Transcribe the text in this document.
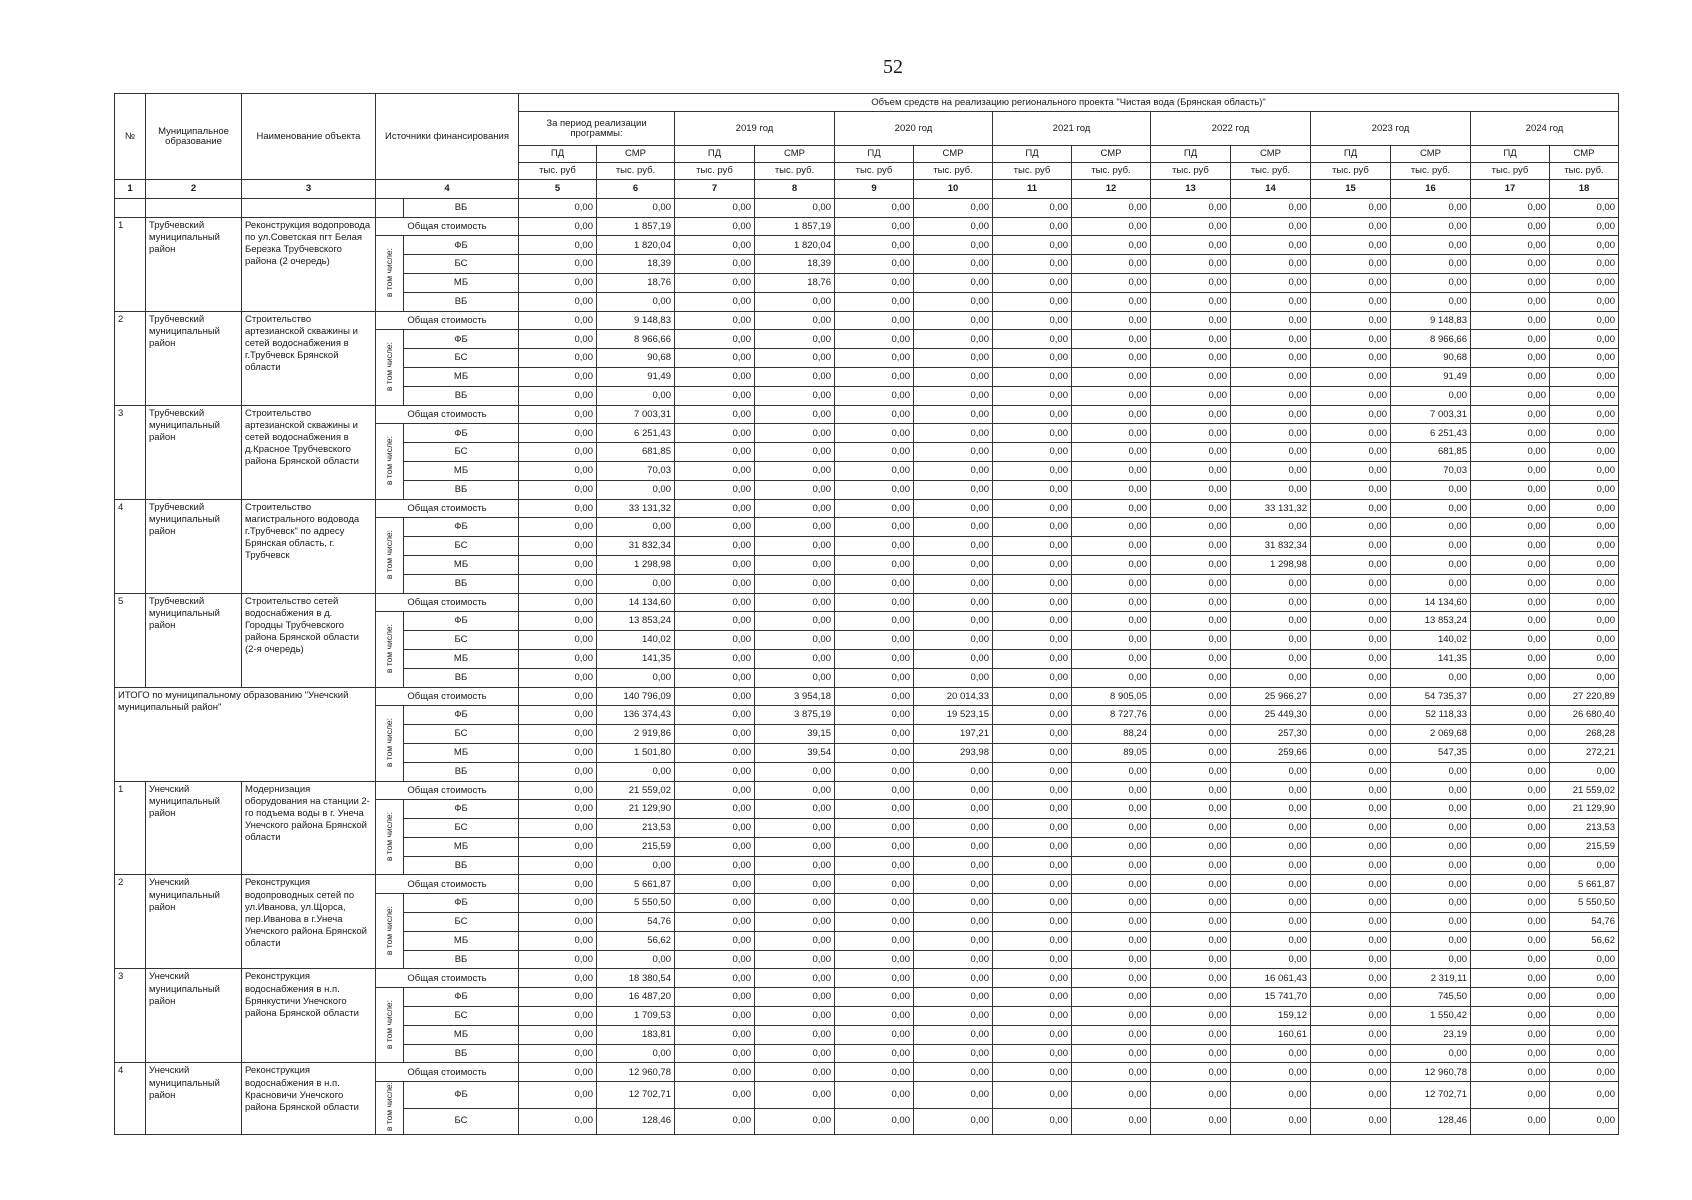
52
№	Муниципальное образование	Наименование объекта	Источники финансирования		Объем средств на реализацию регионального проекта "Чистая вода (Брянская область)"													
					За период реализации программы:		2019 год		2020 год		2021 год		2022 год		2023 год		2024 год	
					ПД	СМР	ПД	СМР	ПД	СМР	ПД	СМР	ПД	СМР	ПД	СМР	ПД	СМР
					тыс. руб	тыс. руб.	тыс. руб	тыс. руб.	тыс. руб	тыс. руб.	тыс. руб	тыс. руб.	тыс. руб	тыс. руб.	тыс. руб	тыс. руб.	тыс. руб	тыс. руб.
1	2	3	4		5	6	7	8	9	10	11	12	13	14	15	16	17	18
				ВБ	0,00	0,00	0,00	0,00	0,00	0,00	0,00	0,00	0,00	0,00	0,00	0,00	0,00	0,00
1	Трубчевский муниципальный район	Реконструкция водопровода по ул.Советская пгт Белая Березка Трубчевского района (2 очередь)	Общая стоимость		0,00	1 857,19	0,00	1 857,19	0,00	0,00	0,00	0,00	0,00	0,00	0,00	0,00	0,00	0,00
			в том числе:	ФБ	0,00	1 820,04	0,00	1 820,04	0,00	0,00	0,00	0,00	0,00	0,00	0,00	0,00	0,00	0,00
				БС	0,00	18,39	0,00	18,39	0,00	0,00	0,00	0,00	0,00	0,00	0,00	0,00	0,00	0,00
				МБ	0,00	18,76	0,00	18,76	0,00	0,00	0,00	0,00	0,00	0,00	0,00	0,00	0,00	0,00
				ВБ	0,00	0,00	0,00	0,00	0,00	0,00	0,00	0,00	0,00	0,00	0,00	0,00	0,00	0,00
2	Трубчевский муниципальный район	Строительство артезианской скважины и сетей водоснабжения в г.Трубчевск Брянской области	Общая стоимость		0,00	9 148,83	0,00	0,00	0,00	0,00	0,00	0,00	0,00	0,00	0,00	9 148,83	0,00	0,00
			в том числе:	ФБ	0,00	8 966,66	0,00	0,00	0,00	0,00	0,00	0,00	0,00	0,00	0,00	8 966,66	0,00	0,00
				БС	0,00	90,68	0,00	0,00	0,00	0,00	0,00	0,00	0,00	0,00	0,00	90,68	0,00	0,00
				МБ	0,00	91,49	0,00	0,00	0,00	0,00	0,00	0,00	0,00	0,00	0,00	91,49	0,00	0,00
				ВБ	0,00	0,00	0,00	0,00	0,00	0,00	0,00	0,00	0,00	0,00	0,00	0,00	0,00	0,00
3	Трубчевский муниципальный район	Строительство артезианской скважины и сетей водоснабжения в д.Красное Трубчевского района Брянской области	Общая стоимость		0,00	7 003,31	0,00	0,00	0,00	0,00	0,00	0,00	0,00	0,00	0,00	7 003,31	0,00	0,00
			в том числе:	ФБ	0,00	6 251,43	0,00	0,00	0,00	0,00	0,00	0,00	0,00	0,00	0,00	6 251,43	0,00	0,00
				БС	0,00	681,85	0,00	0,00	0,00	0,00	0,00	0,00	0,00	0,00	0,00	681,85	0,00	0,00
				МБ	0,00	70,03	0,00	0,00	0,00	0,00	0,00	0,00	0,00	0,00	0,00	70,03	0,00	0,00
				ВБ	0,00	0,00	0,00	0,00	0,00	0,00	0,00	0,00	0,00	0,00	0,00	0,00	0,00	0,00
4	Трубчевский муниципальный район	Строительство магистрального водовода г.Трубчевск" по адресу Брянская область, г. Трубчевск	Общая стоимость		0,00	33 131,32	0,00	0,00	0,00	0,00	0,00	0,00	0,00	33 131,32	0,00	0,00	0,00	0,00
			в том числе:	ФБ	0,00	0,00	0,00	0,00	0,00	0,00	0,00	0,00	0,00	0,00	0,00	0,00	0,00	0,00
				БС	0,00	31 832,34	0,00	0,00	0,00	0,00	0,00	0,00	0,00	31 832,34	0,00	0,00	0,00	0,00
				МБ	0,00	1 298,98	0,00	0,00	0,00	0,00	0,00	0,00	0,00	1 298,98	0,00	0,00	0,00	0,00
				ВБ	0,00	0,00	0,00	0,00	0,00	0,00	0,00	0,00	0,00	0,00	0,00	0,00	0,00	0,00
5	Трубчевский муниципальный район	Строительство сетей водоснабжения в д. Городцы Трубчевского района Брянской области (2-я очередь)	Общая стоимость		0,00	14 134,60	0,00	0,00	0,00	0,00	0,00	0,00	0,00	0,00	0,00	14 134,60	0,00	0,00
			в том числе:	ФБ	0,00	13 853,24	0,00	0,00	0,00	0,00	0,00	0,00	0,00	0,00	0,00	13 853,24	0,00	0,00
				БС	0,00	140,02	0,00	0,00	0,00	0,00	0,00	0,00	0,00	0,00	0,00	140,02	0,00	0,00
				МБ	0,00	141,35	0,00	0,00	0,00	0,00	0,00	0,00	0,00	0,00	0,00	141,35	0,00	0,00
				ВБ	0,00	0,00	0,00	0,00	0,00	0,00	0,00	0,00	0,00	0,00	0,00	0,00	0,00	0,00
ИТОГО по муниципальному образованию "Унечский муниципальный район"			Общая стоимость		0,00	140 796,09	0,00	3 954,18	0,00	20 014,33	0,00	8 905,05	0,00	25 966,27	0,00	54 735,37	0,00	27 220,89
			в том числе:	ФБ	0,00	136 374,43	0,00	3 875,19	0,00	19 523,15	0,00	8 727,76	0,00	25 449,30	0,00	52 118,33	0,00	26 680,40
				БС	0,00	2 919,86	0,00	39,15	0,00	197,21	0,00	88,24	0,00	257,30	0,00	2 069,68	0,00	268,28
				МБ	0,00	1 501,80	0,00	39,54	0,00	293,98	0,00	89,05	0,00	259,66	0,00	547,35	0,00	272,21
				ВБ	0,00	0,00	0,00	0,00	0,00	0,00	0,00	0,00	0,00	0,00	0,00	0,00	0,00	0,00
1	Унечский муниципальный район	Модернизация оборудования на станции 2-го подъема воды в г. Унеча Унечского района Брянской области	Общая стоимость		0,00	21 559,02	0,00	0,00	0,00	0,00	0,00	0,00	0,00	0,00	0,00	0,00	0,00	21 559,02
			в том числе:	ФБ	0,00	21 129,90	0,00	0,00	0,00	0,00	0,00	0,00	0,00	0,00	0,00	0,00	0,00	21 129,90
				БС	0,00	213,53	0,00	0,00	0,00	0,00	0,00	0,00	0,00	0,00	0,00	0,00	0,00	213,53
				МБ	0,00	215,59	0,00	0,00	0,00	0,00	0,00	0,00	0,00	0,00	0,00	0,00	0,00	215,59
				ВБ	0,00	0,00	0,00	0,00	0,00	0,00	0,00	0,00	0,00	0,00	0,00	0,00	0,00	0,00
2	Унечский муниципальный район	Реконструкция водопроводных сетей по ул.Иванова, ул.Щорса, пер.Иванова в г.Унеча Унечского района Брянской области	Общая стоимость		0,00	5 661,87	0,00	0,00	0,00	0,00	0,00	0,00	0,00	0,00	0,00	0,00	0,00	5 661,87
			в том числе:	ФБ	0,00	5 550,50	0,00	0,00	0,00	0,00	0,00	0,00	0,00	0,00	0,00	0,00	0,00	5 550,50
				БС	0,00	54,76	0,00	0,00	0,00	0,00	0,00	0,00	0,00	0,00	0,00	0,00	0,00	54,76
				МБ	0,00	56,62	0,00	0,00	0,00	0,00	0,00	0,00	0,00	0,00	0,00	0,00	0,00	56,62
				ВБ	0,00	0,00	0,00	0,00	0,00	0,00	0,00	0,00	0,00	0,00	0,00	0,00	0,00	0,00
3	Унечский муниципальный район	Реконструкция водоснабжения в н.п. Брянкустичи Унечского района Брянской области	Общая стоимость		0,00	18 380,54	0,00	0,00	0,00	0,00	0,00	0,00	0,00	16 061,43	0,00	2 319,11	0,00	0,00
			в том числе:	ФБ	0,00	16 487,20	0,00	0,00	0,00	0,00	0,00	0,00	0,00	15 741,70	0,00	745,50	0,00	0,00
				БС	0,00	1 709,53	0,00	0,00	0,00	0,00	0,00	0,00	0,00	159,12	0,00	1 550,42	0,00	0,00
				МБ	0,00	183,81	0,00	0,00	0,00	0,00	0,00	0,00	0,00	160,61	0,00	23,19	0,00	0,00
				ВБ	0,00	0,00	0,00	0,00	0,00	0,00	0,00	0,00	0,00	0,00	0,00	0,00	0,00	0,00
4	Унечский муниципальный район	Реконструкция водоснабжения в н.п. Красновичи Унечского района Брянской области	Общая стоимость		0,00	12 960,78	0,00	0,00	0,00	0,00	0,00	0,00	0,00	0,00	0,00	12 960,78	0,00	0,00
			в том числе:	ФБ	0,00	12 702,71	0,00	0,00	0,00	0,00	0,00	0,00	0,00	0,00	0,00	12 702,71	0,00	0,00
				БС	0,00	128,46	0,00	0,00	0,00	0,00	0,00	0,00	0,00	0,00	0,00	128,46	0,00	0,00
